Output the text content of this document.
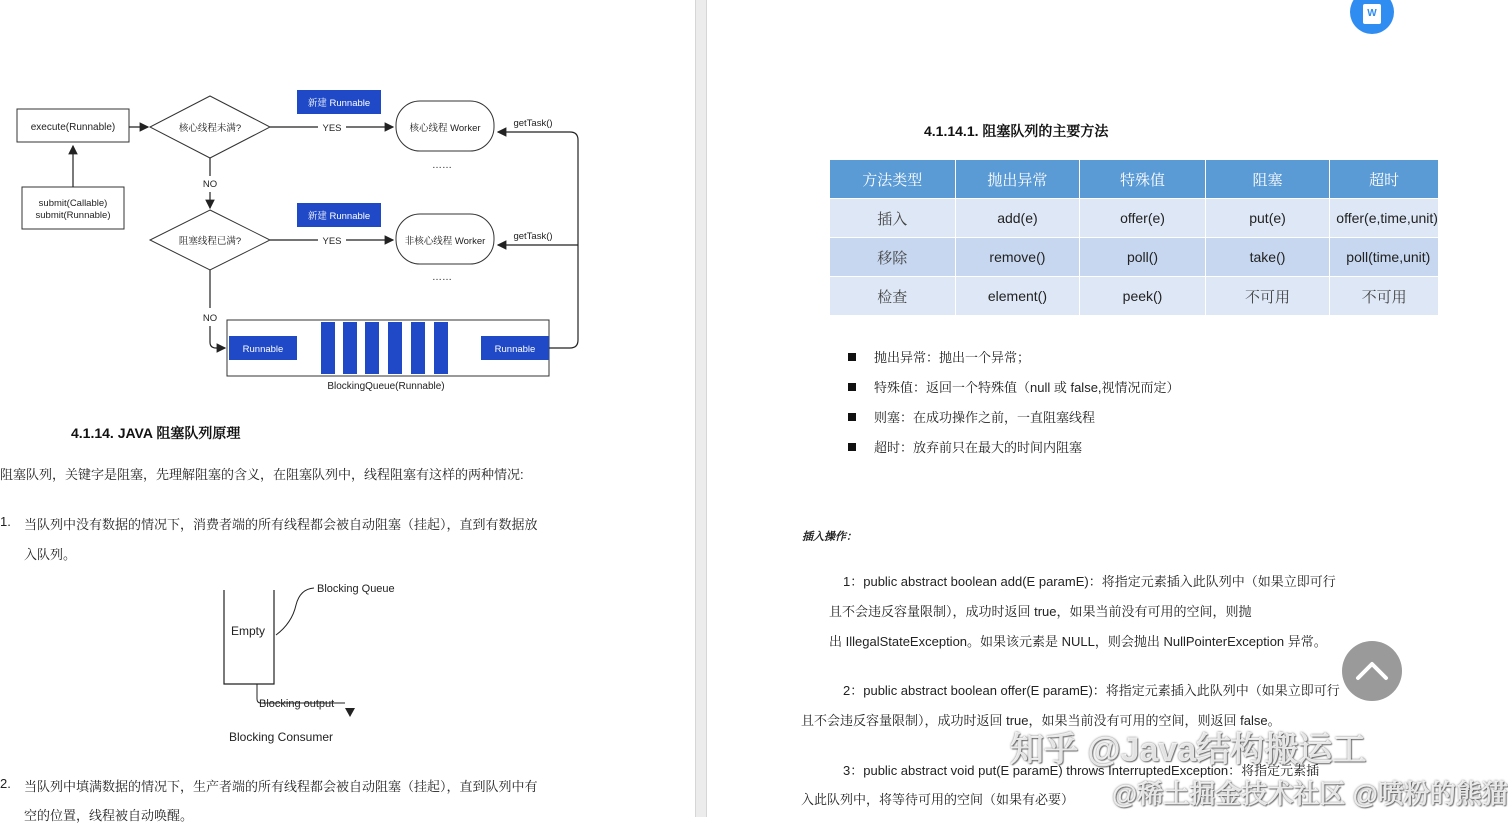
execute(Runnable)
submit(Callable)
submit(Runnable)
核心线程未满?	YES
新建 Runnable
核心线程 Worker
……
NO
阻塞线程已满?	YES
新建 Runnable
非核心线程 Worker
……
NO
Runnable	Runnable
BlockingQueue(Runnable)
getTask()
getTask()
4.1.14. JAVA 阻塞队列原理
阻塞队列，关键字是阻塞，先理解阻塞的含义，在阻塞队列中，线程阻塞有这样的两种情况:
1. 当队列中没有数据的情况下，消费者端的所有线程都会被自动阻塞（挂起），直到有数据放
入队列。
Empty
Blocking Queue
Blocking output
Blocking Consumer
2. 当队列中填满数据的情况下，生产者端的所有线程都会被自动阻塞（挂起），直到队列中有
空的位置，线程被自动唤醒。
4.1.14.1. 阻塞队列的主要方法
方法类型	抛出异常	特殊值	阻塞	超时
插入	add(e)	offer(e)	put(e)	offer(e,time,unit)
移除	remove()	poll()	take()	poll(time,unit)
检查	element()	peek()	不可用	不可用
抛出异常：抛出一个异常；
特殊值：返回一个特殊值（null 或 false,视情况而定）
则塞：在成功操作之前，一直阻塞线程
超时：放弃前只在最大的时间内阻塞
插入操作：
1：public abstract boolean add(E paramE)：将指定元素插入此队列中（如果立即可行
且不会违反容量限制），成功时返回 true，如果当前没有可用的空间，则抛
出 IllegalStateException。如果该元素是 NULL，则会抛出 NullPointerException 异常。
2：public abstract boolean offer(E paramE)：将指定元素插入此队列中（如果立即可行
且不会违反容量限制），成功时返回 true，如果当前没有可用的空间，则返回 false。
3：public abstract void put(E paramE) throws InterruptedException：将指定元素插
入此队列中，将等待可用的空间（如果有必要）
W
知乎 @Java结构搬运工
@稀土掘金技术社区 @喷粉的熊猫
